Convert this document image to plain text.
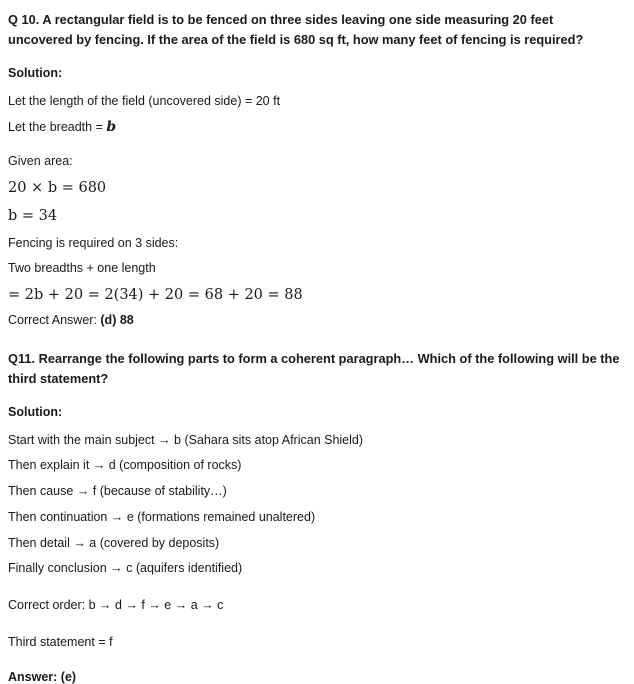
Q 10. A rectangular field is to be fenced on three sides leaving one side measuring 20 feet uncovered by fencing. If the area of the field is 680 sq ft, how many feet of fencing is required?
Solution:
Let the length of the field (uncovered side) = 20 ft
Let the breadth = b
Given area:
20 × b = 680
b = 34
Fencing is required on 3 sides:
Two breadths + one length
= 2b + 20 = 2(34) + 20 = 68 + 20 = 88
Correct Answer: (d) 88
Q11. Rearrange the following parts to form a coherent paragraph… Which of the following will be the third statement?
Solution:
Start with the main subject → b (Sahara sits atop African Shield)
Then explain it → d (composition of rocks)
Then cause → f (because of stability…)
Then continuation → e (formations remained unaltered)
Then detail → a (covered by deposits)
Finally conclusion → c (aquifers identified)
Correct order: b → d → f → e → a → c
Third statement = f
Answer: (e)
